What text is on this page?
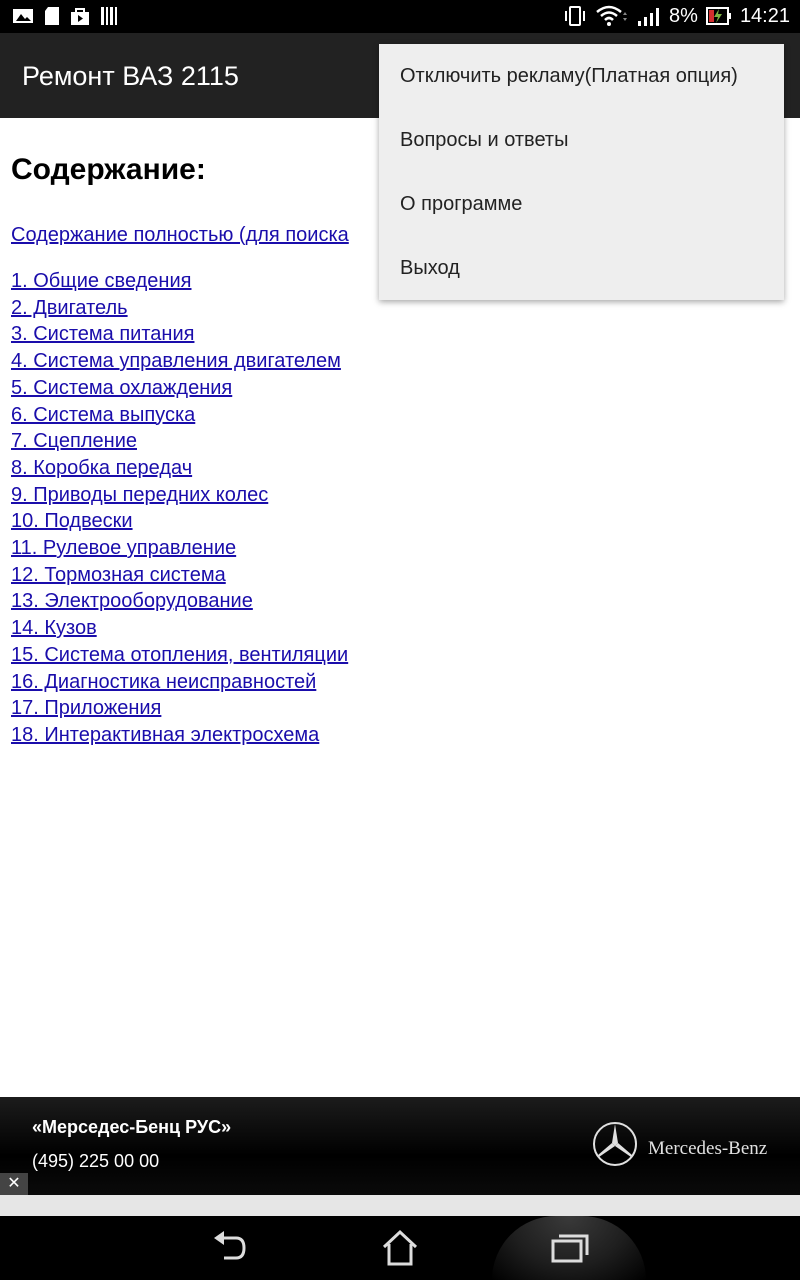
8% 14:21
Ремонт ВАЗ 2115
Содержание:
Содержание полностью (для поиска
1. Общие сведения
2. Двигатель
3. Система питания
4. Система управления двигателем
5. Система охлаждения
6. Система выпуска
7. Сцепление
8. Коробка передач
9. Приводы передних колес
10. Подвески
11. Рулевое управление
12. Тормозная система
13. Электрооборудование
14. Кузов
15. Система отопления, вентиляции
16. Диагностика неисправностей
17. Приложения
18. Интерактивная электросхема
Отключить рекламу(Платная опция)
Вопросы и ответы
О программе
Выход
«Мерседес-Бенц РУС»
(495) 225 00 00
Mercedes-Benz
✕
